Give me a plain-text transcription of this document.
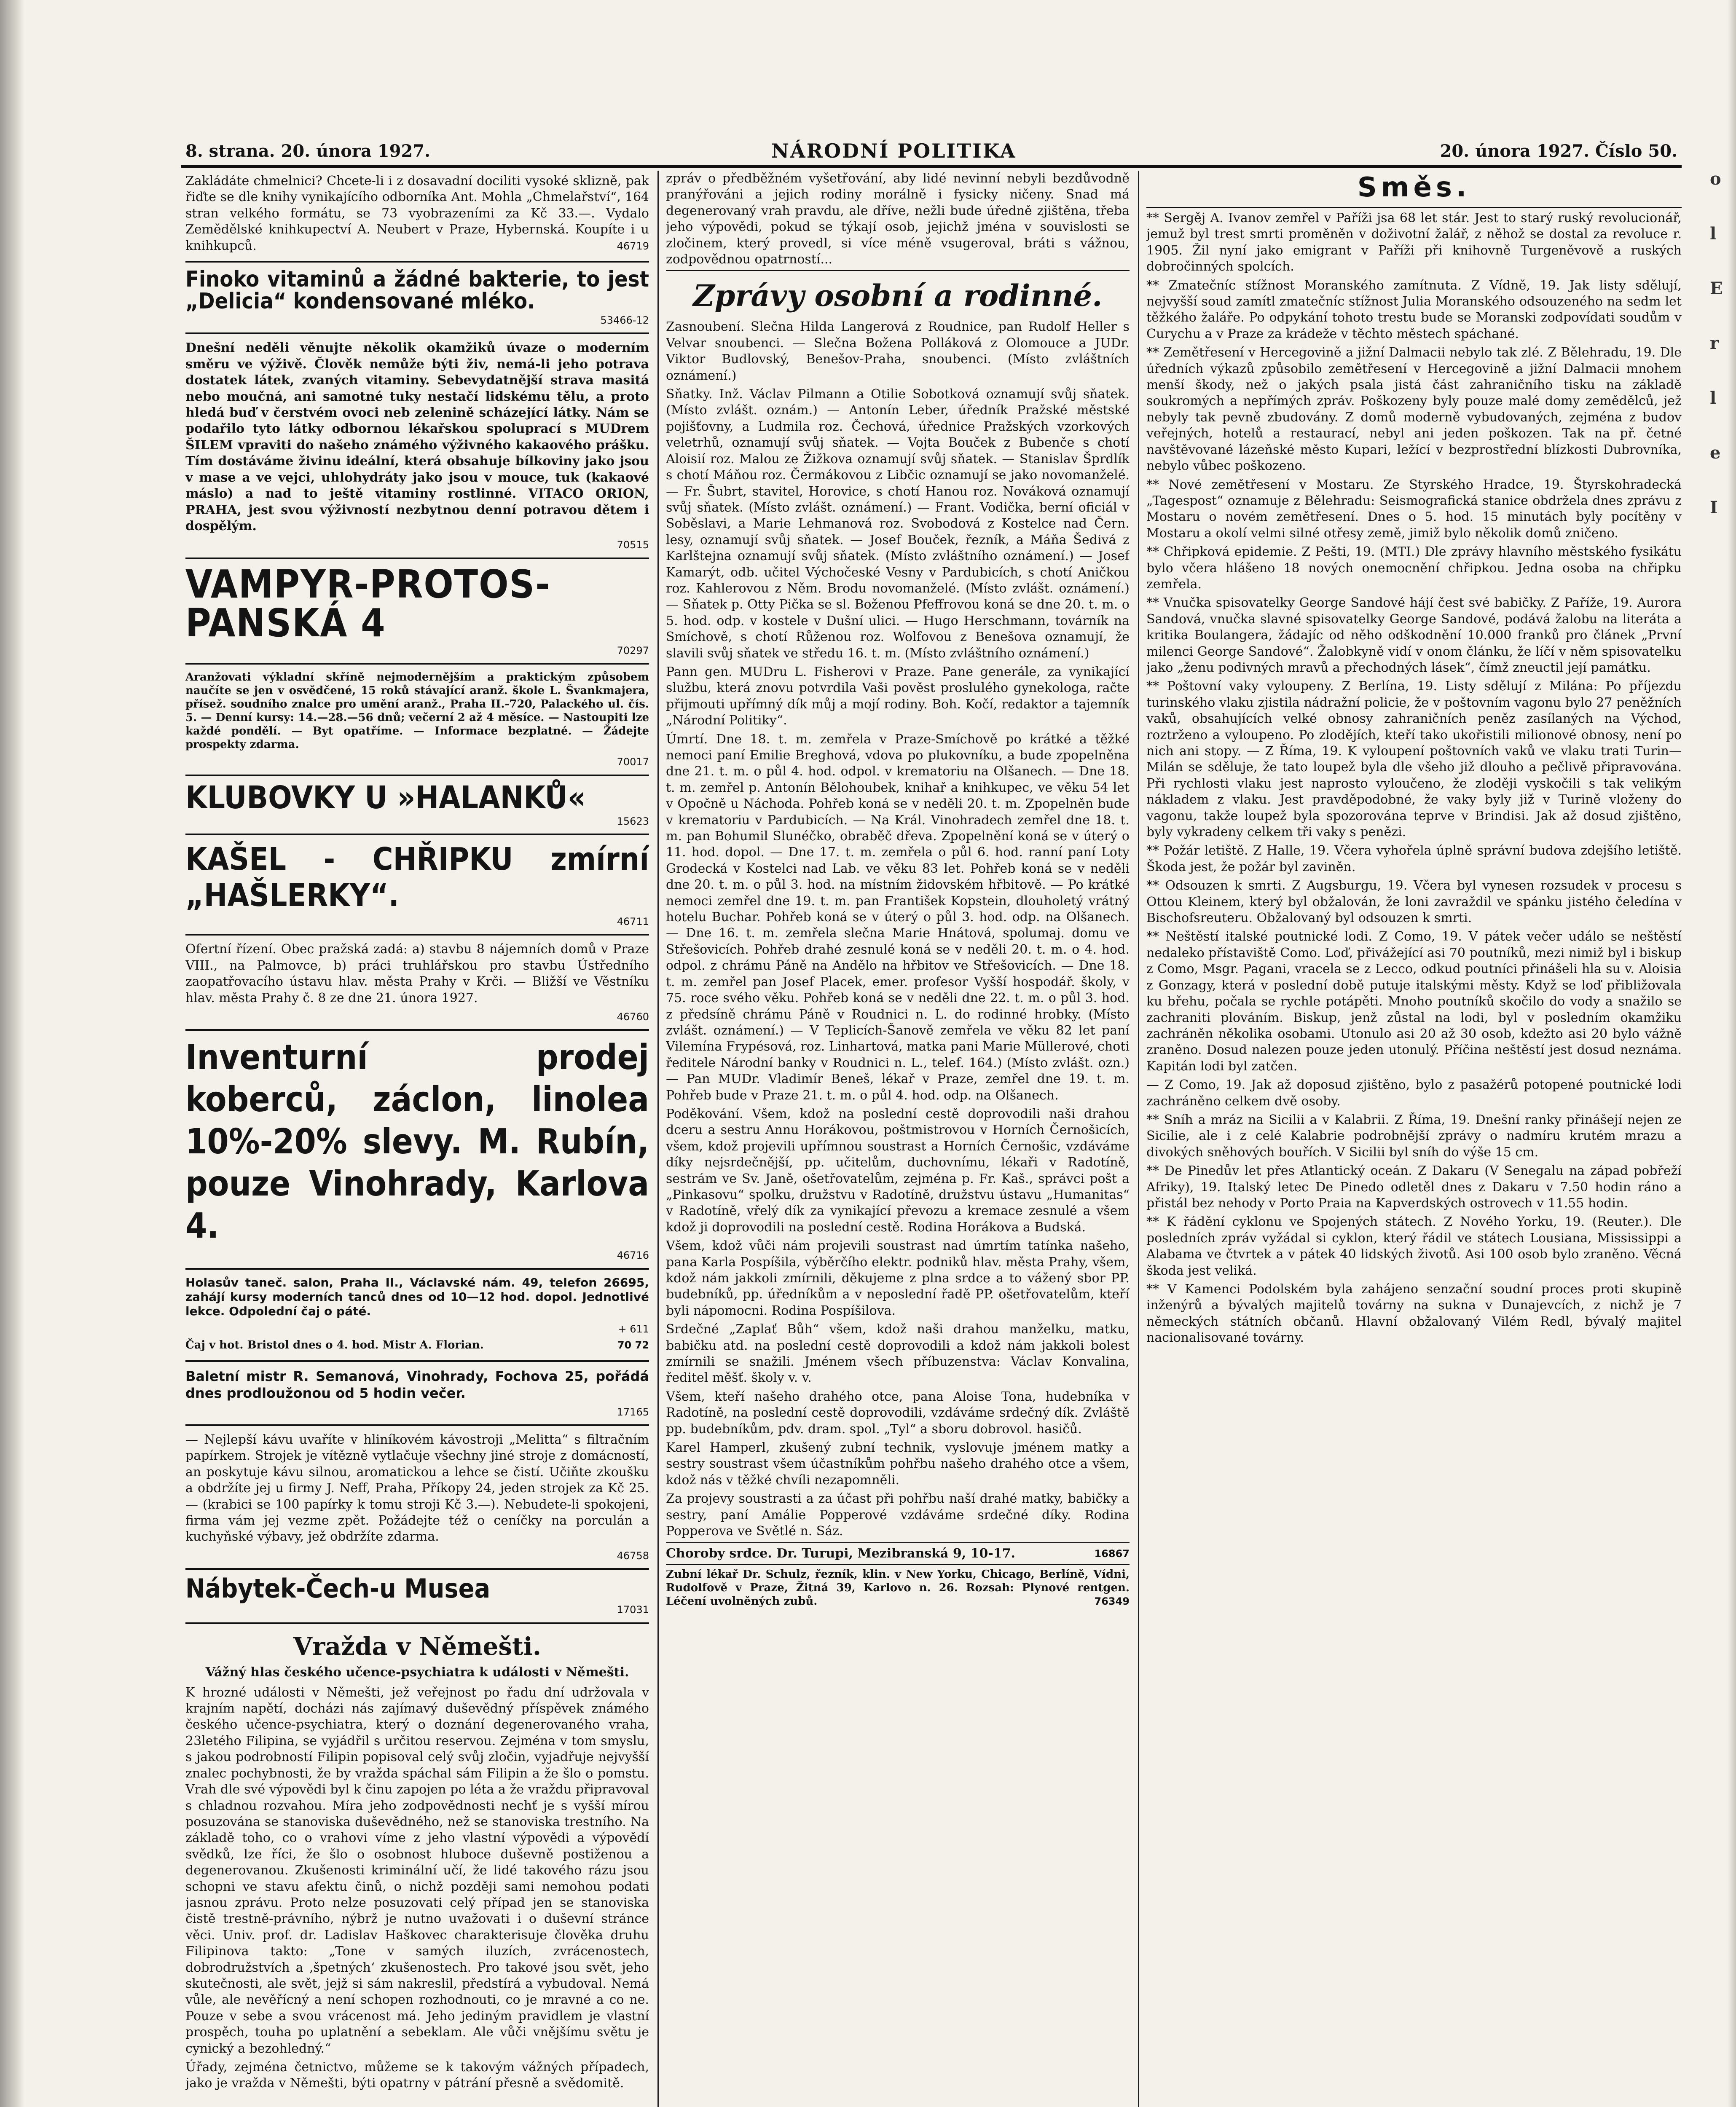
o
l
E
r
l
e
I
8. strana. 20. února 1927.	NÁRODNÍ POLITIKA	20. února 1927. Číslo 50.

Zakládáte chmelnici? Chcete-li i z dosavadní dociliti vysoké sklizně, pak řiďte se dle knihy vynikajícího odborníka Ant. Mohla „Chmelařství“, 164 stran velkého formátu, se 73 vyobrazeními za Kč 33.—. Vydalo Zemědělské knihkupectví A. Neubert v Praze, Hybernská. Koupíte i u knihkupců.	46719

Finoko vitaminů a žádné bakterie, to jest „Delicia“ kondensované mléko.
53466-12

Dnešní neděli věnujte několik okamžiků úvaze o moderním směru ve výživě. Člověk nemůže býti živ, nemá-li jeho potrava dostatek látek, zvaných vitaminy. Sebevydatnější strava masitá nebo moučná, ani samotné tuky nestačí lidskému tělu, a proto hledá buď v čerstvém ovoci neb zelenině scházející látky. Nám se podařilo tyto látky odbornou lékařskou spoluprací s MUDrem ŠILEM vpraviti do našeho známého výživného kakaového prášku. Tím dostáváme živinu ideální, která obsahuje bílkoviny jako jsou v mase a ve vejci, uhlohydráty jako jsou v mouce, tuk (kakaové máslo) a nad to ještě vitaminy rostlinné. VITACO ORION, PRAHA, jest svou výživností nezbytnou denní potravou dětem i dospělým.

70515
VAMPYR-PROTOS-PANSKÁ 4
70297

Aranžovati výkladní skříně nejmodernějším a praktickým způsobem naučíte se jen v osvědčené, 15 roků stávající aranž. škole L. Švankmajera, přísež. soudního znalce pro umění aranž., Praha II.-720, Palackého ul. čís. 5. — Denní kursy: 14.—28.—56 dnů; večerní 2 až 4 měsíce. — Nastoupiti lze každé pondělí. — Byt opatříme. — Informace bezplatné. — Žádejte prospekty zdarma.

70017
KLUBOVKY U »HALANKŮ«
15623
KAŠEL - CHŘIPKU zmírní „HAŠLERKY“.
46711

Ofertní řízení. Obec pražská zadá: a) stavbu 8 nájemních domů v Praze VIII., na Palmovce, b) práci truhlářskou pro stavbu Ústředního zaopatřovacího ústavu hlav. města Prahy v Krči. — Bližší ve Věstníku hlav. města Prahy č. 8 ze dne 21. února 1927.

46760
Inventurní prodej koberců, záclon, linolea 10%-20% slevy. M. Rubín, pouze Vinohrady, Karlova 4.
46716

Holasův taneč. salon, Praha II., Václavské nám. 49, telefon 26695, zahájí kursy moderních tanců dnes od 10—12 hod. dopol. Jednotlivé lekce. Odpolední čaj o páté.

+ 611

Čaj v hot. Bristol dnes o 4. hod. Mistr A. Florian.	70 72

Baletní mistr R. Semanová, Vinohrady, Fochova 25, pořádá dnes prodloužonou od 5 hodin večer.

17165

— Nejlepší kávu uvaříte v hliníkovém kávostroji „Melitta“ s filtračním papírkem. Strojek je vítězně vytlačuje všechny jiné stroje z domácností, an poskytuje kávu silnou, aromatickou a lehce se čistí. Učiňte zkoušku a obdržíte jej u firmy J. Neff, Praha, Příkopy 24, jeden strojek za Kč 25.— (krabici se 100 papírky k tomu stroji Kč 3.—). Nebudete-li spokojeni, firma vám jej vezme zpět. Požádejte též o ceníčky na porculán a kuchyňské výbavy, jež obdržíte zdarma.

46758
Nábytek-Čech-u Musea
17031
Vražda v Němešti.
Vážný hlas českého učence-psychiatra k události v Němešti.

K hrozné události v Němešti, jež veřejnost po řadu dní udržovala v krajním napětí, docházi nás zajímavý duševědný příspěvek známého českého učence-psychiatra, který o doznání degenerovaného vraha, 23letého Filipina, se vyjádřil s určitou reservou. Zejména v tom smyslu, s jakou podrobností Filipin popisoval celý svůj zločin, vyjadřuje nejvyšší znalec pochybnosti, že by vražda spáchal sám Filipin a že šlo o pomstu. Vrah dle své výpovědi byl k činu zapojen po léta a že vraždu připravoval s chladnou rozvahou. Míra jeho zodpovědnosti nechť je s vyšší mírou posuzována se stanoviska duševědného, než se stanoviska trestního. Na základě toho, co o vrahovi víme z jeho vlastní výpovědi a výpovědí svědků, lze říci, že šlo o osobnost hluboce duševně postiženou a degenerovanou. Zkušenosti kriminální učí, že lidé takového rázu jsou schopni ve stavu afektu činů, o nichž později sami nemohou podati jasnou zprávu. Proto nelze posuzovati celý případ jen se stanoviska čistě trestně-právního, nýbrž je nutno uvažovati i o duševní stránce věci. Univ. prof. dr. Ladislav Haškovec charakterisuje člověka druhu Filipinova takto: „Tone v samých iluzích, zvrácenostech, dobrodružstvích a ‚špetných‘ zkušenostech. Pro takové jsou svět, jeho skutečnosti, ale svět, jejž si sám nakreslil, předstírá a vybudoval. Nemá vůle, ale nevěřícný a není schopen rozhodnouti, co je mravné a co ne. Pouze v sebe a svou vrácenost má. Jeho jediným pravidlem je vlastní prospěch, touha po uplatnění a sebeklam. Ale vůči vnějšímu světu je cynický a bezohledný.“

Úřady, zejména četnictvo, můžeme se k takovým vážných případech, jako je vražda v Němešti, býti opatrny v pátrání přesně a svědomitě.

zpráv o předběžném vyšetřování, aby lidé nevinní nebyli bezdůvodně pranýřováni a jejich rodiny morálně i fysicky ničeny. Snad má degenerovaný vrah pravdu, ale dříve, nežli bude úředně zjištěna, třeba jeho výpovědi, pokud se týkají osob, jejichž jména v souvislosti se zločinem, který provedl, si více méně vsugeroval, bráti s vážnou, zodpovědnou opatrností...

Zprávy osobní a rodinné.

Zasnoubení. Slečna Hilda Langerová z Roudnice, pan Rudolf Heller s Velvar snoubenci. — Slečna Božena Polláková z Olomouce a JUDr. Viktor Budlovský, Benešov-Praha, snoubenci. (Místo zvláštních oznámení.)

Sňatky. Inž. Václav Pilmann a Otilie Sobotková oznamují svůj sňatek. (Místo zvlášt. oznám.) — Antonín Leber, úředník Pražské městské pojišťovny, a Ludmila roz. Čechová, úřednice Pražských vzorkových veletrhů, oznamují svůj sňatek. — Vojta Bouček z Bubenče s chotí Aloisií roz. Malou ze Žižkova oznamují svůj sňatek. — Stanislav Šprdlík s chotí Máňou roz. Čermákovou z Libčic oznamují se jako novomanželé. — Fr. Šubrt, stavitel, Horovice, s chotí Hanou roz. Nováková oznamují svůj sňatek. (Místo zvlášt. oznámení.) — Frant. Vodička, berní oficiál v Soběslavi, a Marie Lehmanová roz. Svobodová z Kostelce nad Čern. lesy, oznamují svůj sňatek. — Josef Bouček, řezník, a Máňa Šedivá z Karlštejna oznamují svůj sňatek. (Místo zvláštního oznámení.) — Josef Kamarýt, odb. učitel Výchočeské Vesny v Pardubicích, s chotí Aničkou roz. Kahlerovou z Něm. Brodu novomanželé. (Místo zvlášt. oznámení.) — Sňatek p. Otty Pička se sl. Boženou Pfeffrovou koná se dne 20. t. m. o 5. hod. odp. v kostele v Dušní ulici. — Hugo Herschmann, továrník na Smíchově, s chotí Růženou roz. Wolfovou z Benešova oznamují, že slavili svůj sňatek ve středu 16. t. m. (Místo zvláštního oznámení.)

Pann gen. MUDru L. Fisherovi v Praze. Pane generále, za vynikající službu, která znovu potvrdila Vaši pověst proslulého gynekologa, račte přijmouti upřímný dík můj a mojí rodiny. Boh. Kočí, redaktor a tajemník „Národní Politiky“.

Úmrtí. Dne 18. t. m. zemřela v Praze-Smíchově po krátké a těžké nemoci paní Emilie Breghová, vdova po plukovníku, a bude zpopelněna dne 21. t. m. o půl 4. hod. odpol. v krematoriu na Olšanech. — Dne 18. t. m. zemřel p. Antonín Bělohoubek, knihař a knihkupec, ve věku 54 let v Opočně u Náchoda. Pohřeb koná se v neděli 20. t. m. Zpopelněn bude v krematoriu v Pardubicích. — Na Král. Vinohradech zemřel dne 18. t. m. pan Bohumil Slunéčko, obraběč dřeva. Zpopelnění koná se v úterý o 11. hod. dopol. — Dne 17. t. m. zemřela o půl 6. hod. ranní paní Loty Grodecká v Kostelci nad Lab. ve věku 83 let. Pohřeb koná se v neděli dne 20. t. m. o půl 3. hod. na místním židovském hřbitově. — Po krátké nemoci zemřel dne 19. t. m. pan František Kopstein, dlouholetý vrátný hotelu Buchar. Pohřeb koná se v úterý o půl 3. hod. odp. na Olšanech. — Dne 16. t. m. zemřela slečna Marie Hnátová, spolumaj. domu ve Střešovicích. Pohřeb drahé zesnulé koná se v neděli 20. t. m. o 4. hod. odpol. z chrámu Páně na Andělo na hřbitov ve Střešovicích. — Dne 18. t. m. zemřel pan Josef Placek, emer. profesor Vyšší hospodář. školy, v 75. roce svého věku. Pohřeb koná se v neděli dne 22. t. m. o půl 3. hod. z předsíně chrámu Páně v Roudnici n. L. do rodinné hrobky. (Místo zvlášt. oznámení.) — V Teplicích-Šanově zemřela ve věku 82 let paní Vilemína Frypésová, roz. Linhartová, matka pani Marie Müllerové, choti ředitele Národní banky v Roudnici n. L., telef. 164.) (Místo zvlášt. ozn.) — Pan MUDr. Vladimír Beneš, lékař v Praze, zemřel dne 19. t. m. Pohřeb bude v Praze 21. t. m. o půl 4. hod. odp. na Olšanech.

Poděkování. Všem, kdož na poslední cestě doprovodili naši drahou dceru a sestru Annu Horákovou, poštmistrovou v Horních Černošicích, všem, kdož projevili upřímnou soustrast a Horních Černošic, vzdáváme díky nejsrdečnější, pp. učitelům, duchovnímu, lékaři v Radotíně, sestrám ve Sv. Janě, ošetřovatelům, zejména p. Fr. Kaš., správci pošt a „Pinkasovu“ spolku, družstvu v Radotíně, družstvu ústavu „Humanitas“ v Radotíně, vřelý dík za vynikající převozu a kremace zesnulé a všem kdož ji doprovodili na poslední cestě. Rodina Horákova a Budská.

Všem, kdož vůči nám projevili soustrast nad úmrtím tatínka našeho, pana Karla Pospíšila, výběrčího elektr. podniků hlav. města Prahy, všem, kdož nám jakkoli zmírnili, děkujeme z plna srdce a to vážený sbor PP. budebníků, pp. úředníkům a v neposlední řadě PP. ošetřovatelům, kteří byli nápomocni. Rodina Pospíšilova.

Srdečné „Zaplať Bůh“ všem, kdož naši drahou manželku, matku, babičku atd. na poslední cestě doprovodili a kdož nám jakkoli bolest zmírnili se snažili. Jménem všech příbuzenstva: Václav Konvalina, ředitel měšť. školy v. v.

Všem, kteří našeho drahého otce, pana Aloise Tona, hudebníka v Radotíně, na poslední cestě doprovodili, vzdáváme srdečný dík. Zvláště pp. budebníkům, pdv. dram. spol. „Tyl“ a sboru dobrovol. hasičů.

Karel Hamperl, zkušený zubní technik, vyslovuje jménem matky a sestry soustrast všem účastníkům pohřbu našeho drahého otce a všem, kdož nás v těžké chvíli nezapomněli.

Za projevy soustrasti a za účast při pohřbu naší drahé matky, babičky a sestry, paní Amálie Popperové vzdáváme srdečné díky. Rodina Popperova ve Světlé n. Sáz.

Choroby srdce. Dr. Turupi, Mezibranská 9, 10-17.	16867

Zubní lékař Dr. Schulz, řezník, klin. v New Yorku, Chicago, Berlíně, Vídni, Rudolfově v Praze, Žitná 39, Karlovo n. 26. Rozsah: Plynové rentgen. Léčení uvolněných zubů.	76349

Směs.

** Sergěj A. Ivanov zemřel v Paříži jsa 68 let stár. Jest to starý ruský revolucionář, jemuž byl trest smrti proměněn v doživotní žalář, z něhož se dostal za revoluce r. 1905. Žil nyní jako emigrant v Paříži při knihovně Turgeněvově a ruských dobročinných spolcích.

** Zmatečníc stížnost Moranského zamítnuta. Z Vídně, 19. Jak listy sdělují, nejvyšší soud zamítl zmatečníc stížnost Julia Moranského odsouzeného na sedm let těžkého žaláře. Po odpykání tohoto trestu bude se Moranski zodpovídati soudům v Curychu a v Praze za krádeže v těchto městech spáchané.

** Zemětřesení v Hercegovině a jižní Dalmacii nebylo tak zlé. Z Bělehradu, 19. Dle úředních výkazů způsobilo zemětřesení v Hercegovině a jižní Dalmacii mnohem menší škody, než o jakých psala jistá část zahraničního tisku na základě soukromých a nepřímých zpráv. Poškozeny byly pouze malé domy zemědělců, jež nebyly tak pevně zbudovány. Z domů moderně vybudovaných, zejména z budov veřejných, hotelů a restaurací, nebyl ani jeden poškozen. Tak na př. četné navštěvované lázeňské město Kupari, ležící v bezprostřední blízkosti Dubrovníka, nebylo vůbec poškozeno.

** Nové zemětřesení v Mostaru. Ze Styrského Hradce, 19. Štyrskohradecká „Tagespost“ oznamuje z Bělehradu: Seismografická stanice obdržela dnes zprávu z Mostaru o novém zemětřesení. Dnes o 5. hod. 15 minutách byly pocítěny v Mostaru a okolí velmi silné otřesy země, jimiž bylo několik domů zničeno.

** Chřipková epidemie. Z Pešti, 19. (MTI.) Dle zprávy hlavního městského fysikátu bylo včera hlášeno 18 nových onemocnění chřipkou. Jedna osoba na chřipku zemřela.

** Vnučka spisovatelky George Sandové hájí čest své babičky. Z Paříže, 19. Aurora Sandová, vnučka slavné spisovatelky George Sandové, podává žalobu na literáta a kritika Boulangera, žádajíc od něho odškodnění 10.000 franků pro článek „První milenci George Sandové“. Žalobkyně vidí v onom článku, že líčí v něm spisovatelku jako „ženu podivných mravů a přechodných lásek“, čímž zneuctil její památku.

** Poštovní vaky vyloupeny. Z Berlína, 19. Listy sdělují z Milána: Po příjezdu turinského vlaku zjistila nádražní policie, že v poštovním vagonu bylo 27 peněžních vaků, obsahujících velké obnosy zahraničních peněz zasílaných na Východ, roztrženo a vyloupeno. Po zlodějích, kteří tako ukořistili milionové obnosy, není po nich ani stopy. — Z Říma, 19. K vyloupení poštovních vaků ve vlaku trati Turin—Milán se sděluje, že tato loupež byla dle všeho již dlouho a pečlivě připravována. Při rychlosti vlaku jest naprosto vyloučeno, že zloději vyskočili s tak velikým nákladem z vlaku. Jest pravděpodobné, že vaky byly již v Turině vloženy do vagonu, takže loupež byla spozorována teprve v Brindisi. Jak až dosud zjištěno, byly vykradeny celkem tři vaky s penězi.

** Požár letiště. Z Halle, 19. Včera vyhořela úplně správní budova zdejšího letiště. Škoda jest, že požár byl zaviněn.

** Odsouzen k smrti. Z Augsburgu, 19. Včera byl vynesen rozsudek v procesu s Ottou Kleinem, který byl obžalován, že loni zavraždil ve spánku jistého čeledína v Bischofsreuteru. Obžalovaný byl odsouzen k smrti.

** Neštěstí italské poutnické lodi. Z Como, 19. V pátek večer událo se neštěstí nedaleko přístaviště Como. Loď, přivážející asi 70 poutníků, mezi nimiž byl i biskup z Como, Msgr. Pagani, vracela se z Lecco, odkud poutníci přinášeli hla su v. Aloisia z Gonzagy, která v poslední době putuje italskými městy. Když se loď přibližovala ku břehu, počala se rychle potápěti. Mnoho poutníků skočilo do vody a snažilo se zachraniti plováním. Biskup, jenž zůstal na lodi, byl v posledním okamžiku zachráněn několika osobami. Utonulo asi 20 až 30 osob, kdežto asi 20 bylo vážně zraněno. Dosud nalezen pouze jeden utonulý. Příčina neštěstí jest dosud neznáma. Kapitán lodi byl zatčen.

— Z Como, 19. Jak až doposud zjištěno, bylo z pasažérů potopené poutnické lodi zachráněno celkem dvě osoby.

** Sníh a mráz na Sicilii a v Kalabrii. Z Říma, 19. Dnešní ranky přinášejí nejen ze Sicilie, ale i z celé Kalabrie podrobnější zprávy o nadmíru krutém mrazu a divokých sněhových bouřích. V Sicilii byl sníh do výše 15 cm.

** De Pinedův let přes Atlantický oceán. Z Dakaru (V Senegalu na západ pobřeží Afriky), 19. Italský letec De Pinedo odletěl dnes z Dakaru v 7.50 hodin ráno a přistál bez nehody v Porto Praia na Kapverdských ostrovech v 11.55 hodin.

** K řádění cyklonu ve Spojených státech. Z Nového Yorku, 19. (Reuter.). Dle posledních zpráv vyžádal si cyklon, který řádil ve státech Lousiana, Mississippi a Alabama ve čtvrtek a v pátek 40 lidských životů. Asi 100 osob bylo zraněno. Věcná škoda jest veliká.

** V Kamenci Podolském byla zahájeno senzační soudní proces proti skupině inženýrů a bývalých majitelů továrny na sukna v Dunajevcích, z nichž je 7 německých státních občanů. Hlavní obžalovaný Vilém Redl, bývalý majitel nacionalisované továrny.
